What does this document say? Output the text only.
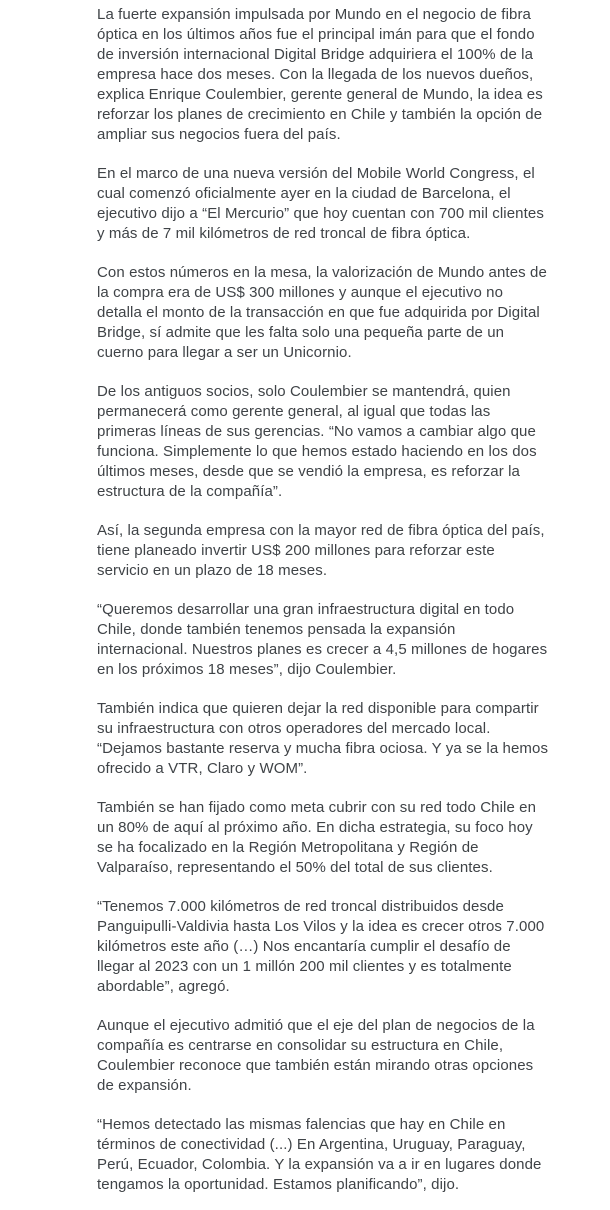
La fuerte expansión impulsada por Mundo en el negocio de fibra óptica en los últimos años fue el principal imán para que el fondo de inversión internacional Digital Bridge adquiriera el 100% de la empresa hace dos meses. Con la llegada de los nuevos dueños, explica Enrique Coulembier, gerente general de Mundo, la idea es reforzar los planes de crecimiento en Chile y también la opción de ampliar sus negocios fuera del país.

En el marco de una nueva versión del Mobile World Congress, el cual comenzó oficialmente ayer en la ciudad de Barcelona, el ejecutivo dijo a “El Mercurio” que hoy cuentan con 700 mil clientes y más de 7 mil kilómetros de red troncal de fibra óptica.

Con estos números en la mesa, la valorización de Mundo antes de la compra era de US$ 300 millones y aunque el ejecutivo no detalla el monto de la transacción en que fue adquirida por Digital Bridge, sí admite que les falta solo una pequeña parte de un cuerno para llegar a ser un Unicornio.

De los antiguos socios, solo Coulembier se mantendrá, quien permanecerá como gerente general, al igual que todas las primeras líneas de sus gerencias. “No vamos a cambiar algo que funciona. Simplemente lo que hemos estado haciendo en los dos últimos meses, desde que se vendió la empresa, es reforzar la estructura de la compañía”.

Así, la segunda empresa con la mayor red de fibra óptica del país, tiene planeado invertir US$ 200 millones para reforzar este servicio en un plazo de 18 meses.

“Queremos desarrollar una gran infraestructura digital en todo Chile, donde también tenemos pensada la expansión internacional. Nuestros planes es crecer a 4,5 millones de hogares en los próximos 18 meses”, dijo Coulembier.

También indica que quieren dejar la red disponible para compartir su infraestructura con otros operadores del mercado local. “Dejamos bastante reserva y mucha fibra ociosa. Y ya se la hemos ofrecido a VTR, Claro y WOM”.

También se han fijado como meta cubrir con su red todo Chile en un 80% de aquí al próximo año. En dicha estrategia, su foco hoy se ha focalizado en la Región Metropolitana y Región de Valparaíso, representando el 50% del total de sus clientes.

“Tenemos 7.000 kilómetros de red troncal distribuidos desde Panguipulli-Valdivia hasta Los Vilos y la idea es crecer otros 7.000 kilómetros este año (…) Nos encantaría cumplir el desafío de llegar al 2023 con un 1 millón 200 mil clientes y es totalmente abordable”, agregó.

Aunque el ejecutivo admitió que el eje del plan de negocios de la compañía es centrarse en consolidar su estructura en Chile, Coulembier reconoce que también están mirando otras opciones de expansión.

“Hemos detectado las mismas falencias que hay en Chile en términos de conectividad (...) En Argentina, Uruguay, Paraguay, Perú, Ecuador, Colombia. Y la expansión va a ir en lugares donde tengamos la oportunidad. Estamos planificando”, dijo.
